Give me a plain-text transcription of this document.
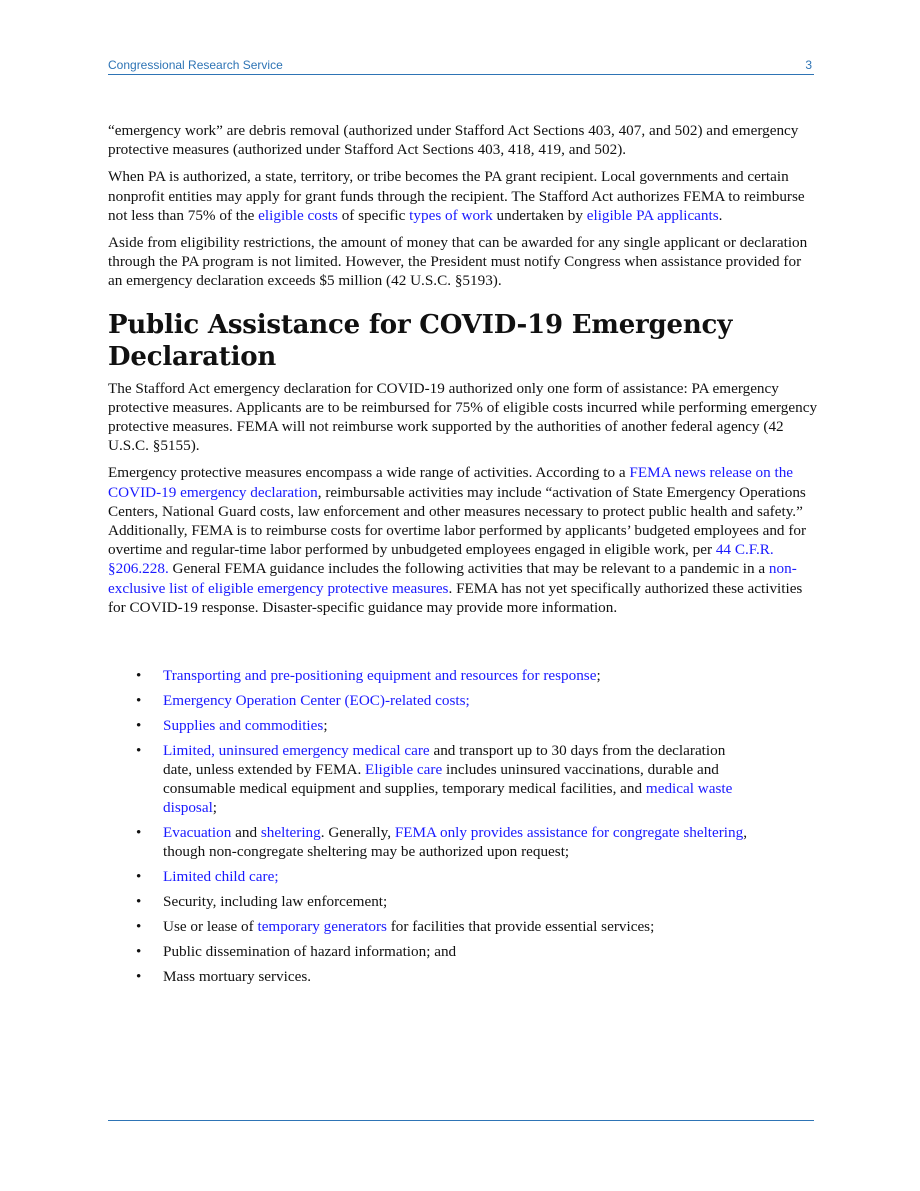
Congressional Research Service	3

“emergency work” are debris removal (authorized under Stafford Act Sections 403, 407, and 502) and emergency protective measures (authorized under Stafford Act Sections 403, 418, 419, and 502).

When PA is authorized, a state, territory, or tribe becomes the PA grant recipient. Local governments and certain nonprofit entities may apply for grant funds through the recipient. The Stafford Act authorizes FEMA to reimburse not less than 75% of the eligible costs of specific types of work undertaken by eligible PA applicants.

Aside from eligibility restrictions, the amount of money that can be awarded for any single applicant or declaration through the PA program is not limited. However, the President must notify Congress when assistance provided for an emergency declaration exceeds $5 million (42 U.S.C. §5193).

Public Assistance for COVID-19 Emergency Declaration

The Stafford Act emergency declaration for COVID-19 authorized only one form of assistance: PA emergency protective measures. Applicants are to be reimbursed for 75% of eligible costs incurred while performing emergency protective measures. FEMA will not reimburse work supported by the authorities of another federal agency (42 U.S.C. §5155).

Emergency protective measures encompass a wide range of activities. According to a FEMA news release on the COVID-19 emergency declaration, reimbursable activities may include “activation of State Emergency Operations Centers, National Guard costs, law enforcement and other measures necessary to protect public health and safety.” Additionally, FEMA is to reimburse costs for overtime labor performed by applicants’ budgeted employees and for overtime and regular-time labor performed by unbudgeted employees engaged in eligible work, per 44 C.F.R. §206.228. General FEMA guidance includes the following activities that may be relevant to a pandemic in a non-exclusive list of eligible emergency protective measures. FEMA has not yet specifically authorized these activities for COVID-19 response. Disaster-specific guidance may provide more information.

• Transporting and pre-positioning equipment and resources for response;
• Emergency Operation Center (EOC)-related costs;
• Supplies and commodities;
• Limited, uninsured emergency medical care and transport up to 30 days from the declaration date, unless extended by FEMA. Eligible care includes uninsured vaccinations, durable and consumable medical equipment and supplies, temporary medical facilities, and medical waste disposal;
• Evacuation and sheltering. Generally, FEMA only provides assistance for congregate sheltering, though non-congregate sheltering may be authorized upon request;
• Limited child care;
• Security, including law enforcement;
• Use or lease of temporary generators for facilities that provide essential services;
• Public dissemination of hazard information; and
• Mass mortuary services.
